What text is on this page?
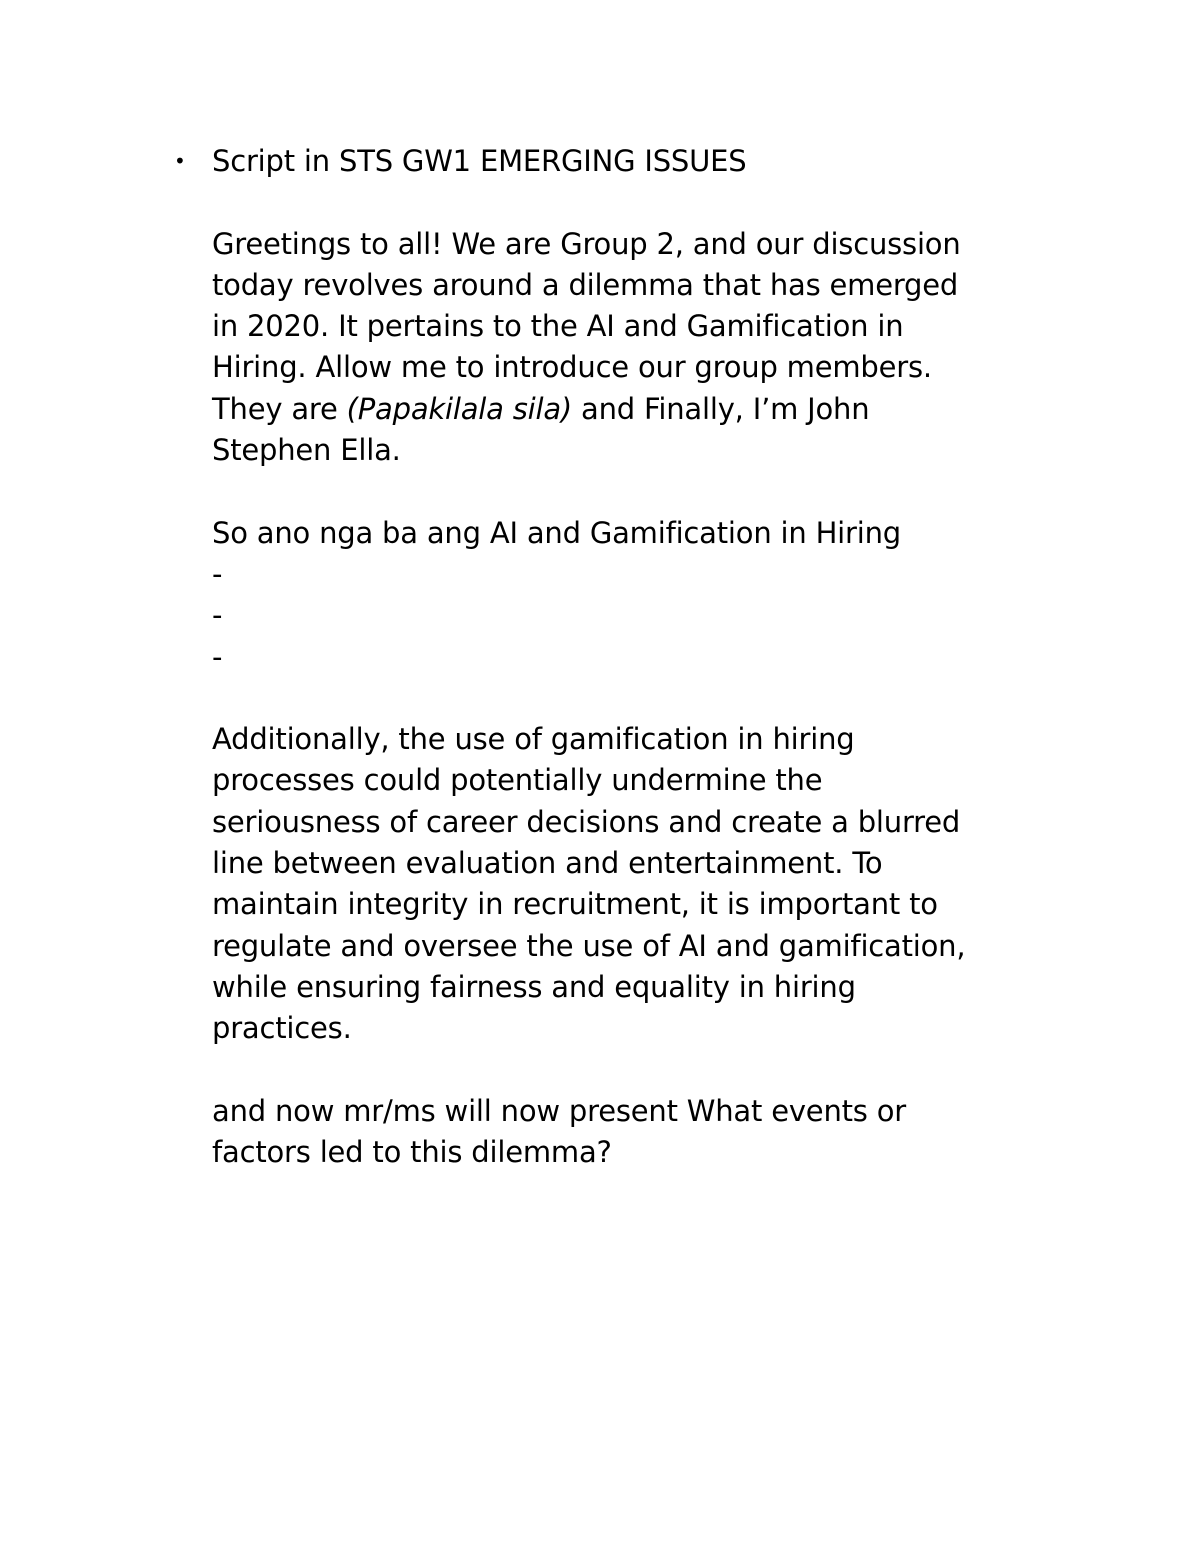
• Script in STS GW1 EMERGING ISSUES

Greetings to all! We are Group 2, and our discussion

today revolves around a dilemma that has emerged

in 2020. It pertains to the AI and Gamification in

Hiring. Allow me to introduce our group members.

They are (Papakilala sila) and Finally, I’m John

Stephen Ella.

So ano nga ba ang AI and Gamification in Hiring

-
-
-

Additionally, the use of gamification in hiring

processes could potentially undermine the

seriousness of career decisions and create a blurred

line between evaluation and entertainment. To

maintain integrity in recruitment, it is important to

regulate and oversee the use of AI and gamification,

while ensuring fairness and equality in hiring

practices.

and now mr/ms will now present What events or

factors led to this dilemma?
